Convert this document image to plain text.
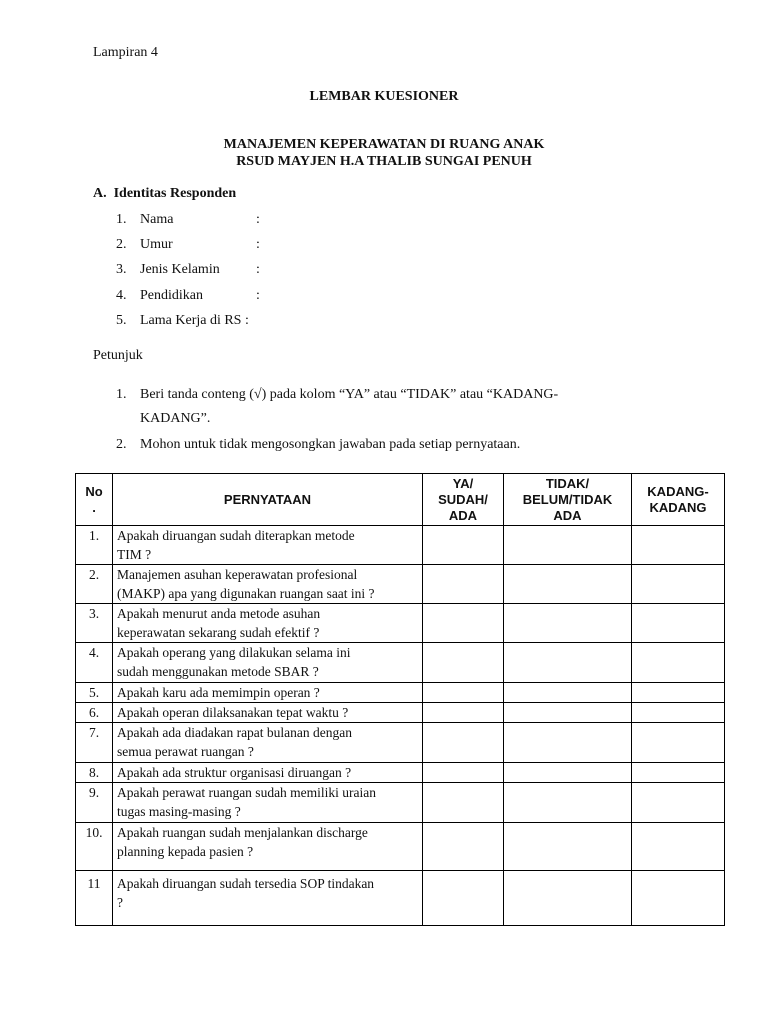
Lampiran 4
LEMBAR KUESIONER
MANAJEMEN KEPERAWATAN DI RUANG ANAK
RSUD MAYJEN H.A THALIB SUNGAI PENUH
A.  Identitas Responden
1. Nama	:
2. Umur	:
3. Jenis Kelamin	:
4. Pendidikan	:
5. Lama Kerja di RS :
Petunjuk
1. Beri tanda conteng (√) pada kolom “YA” atau “TIDAK” atau “KADANG-
KADANG”.
2. Mohon untuk tidak mengosongkan jawaban pada setiap pernyataan.
No
.	PERNYATAAN	YA/
SUDAH/
ADA	TIDAK/
BELUM/TIDAK
ADA	KADANG-
KADANG
1.	Apakah diruangan sudah diterapkan metode
TIM ?			
2.	Manajemen asuhan keperawatan profesional
(MAKP) apa yang digunakan ruangan saat ini ?			
3.	Apakah menurut anda metode asuhan
keperawatan sekarang sudah efektif ?			
4.	Apakah operang yang dilakukan selama ini
sudah menggunakan metode SBAR ?			
5.	Apakah karu ada memimpin operan ?			
6.	Apakah operan dilaksanakan tepat waktu ?			
7.	Apakah ada diadakan rapat bulanan dengan
semua perawat ruangan ?			
8.	Apakah ada struktur organisasi diruangan ?			
9.	Apakah perawat ruangan sudah memiliki uraian
tugas masing-masing ?			
10.	Apakah ruangan sudah menjalankan discharge
planning kepada pasien ?			
11	Apakah diruangan sudah tersedia SOP tindakan
?			
